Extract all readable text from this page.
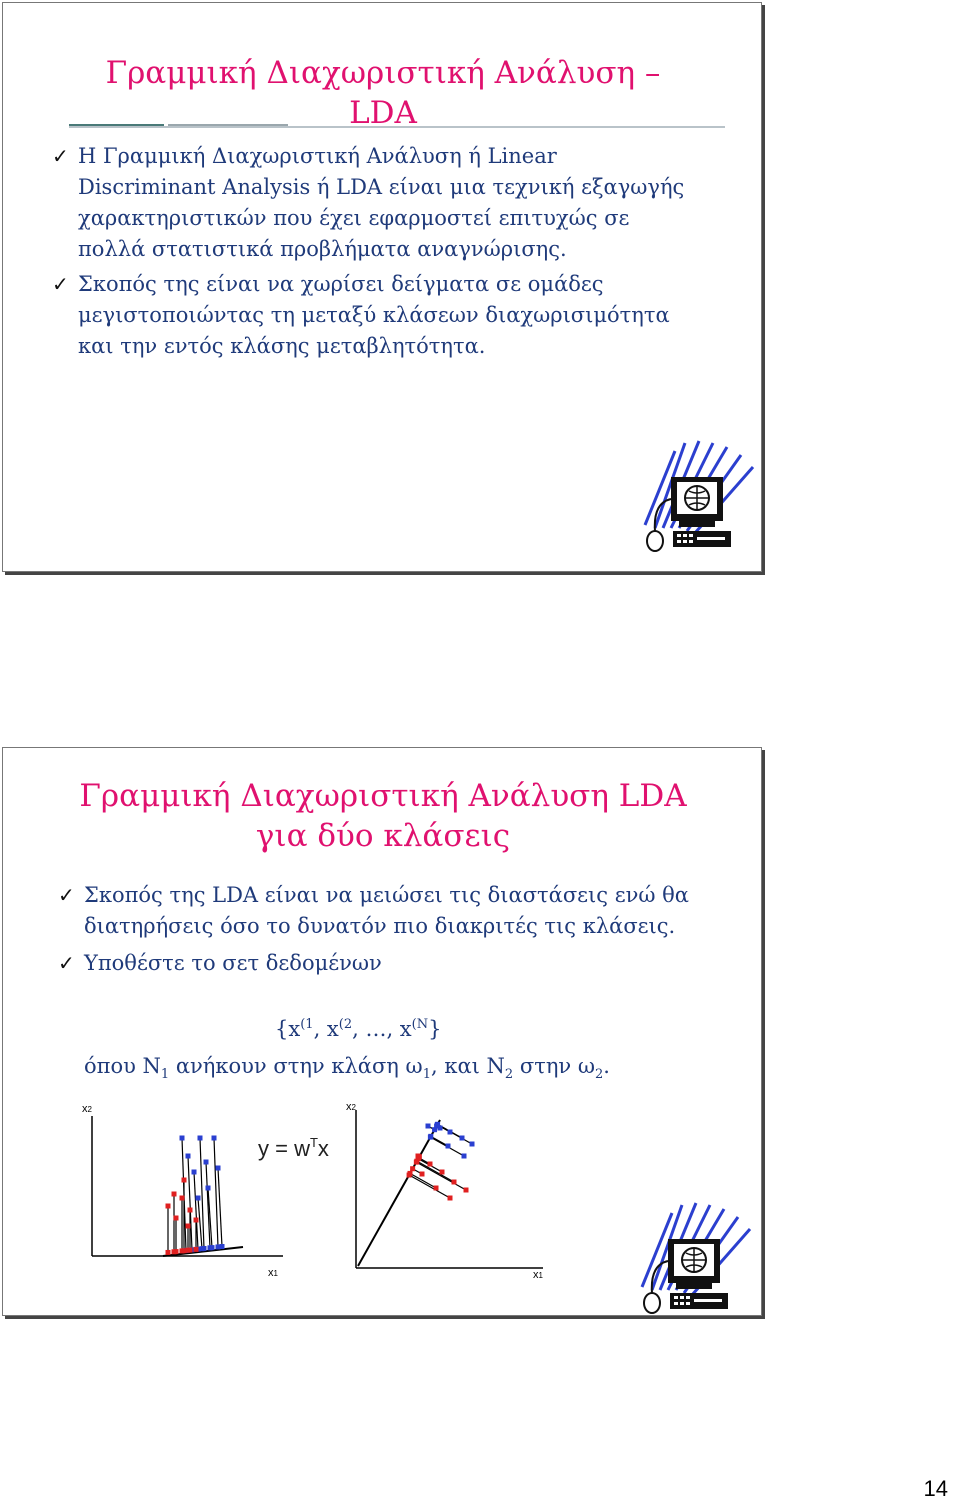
Γραμμική Διαχωριστική Ανάλυση –
LDA
✓ Η Γραμμική Διαχωριστική Ανάλυση ή Linear Discriminant Analysis ή LDA είναι μια τεχνική εξαγωγής χαρακτηριστικών που έχει εφαρμοστεί επιτυχώς σε πολλά στατιστικά προβλήματα αναγνώρισης.
✓ Σκοπός της είναι να χωρίσει δείγματα σε ομάδες μεγιστοποιώντας τη μεταξύ κλάσεων διαχωρισιμότητα και την εντός κλάσης μεταβλητότητα.
Γραμμική Διαχωριστική Ανάλυση LDA
για δύο κλάσεις
✓ Σκοπός της LDA είναι να μειώσει τις διαστάσεις ενώ θα διατηρήσεις όσο το δυνατόν πιο διακριτές τις κλάσεις.
✓ Υποθέστε το σετ δεδομένων
{$x^{(1}$, $x^{(2}$, …, $x^{(N}$}
όπου $N_1$ ανήκουν στην κλάση $\omega_1$, και $N_2$ στην $\omega_2$.
x2
x1
$y = w^Tx$
x2
x1
14
